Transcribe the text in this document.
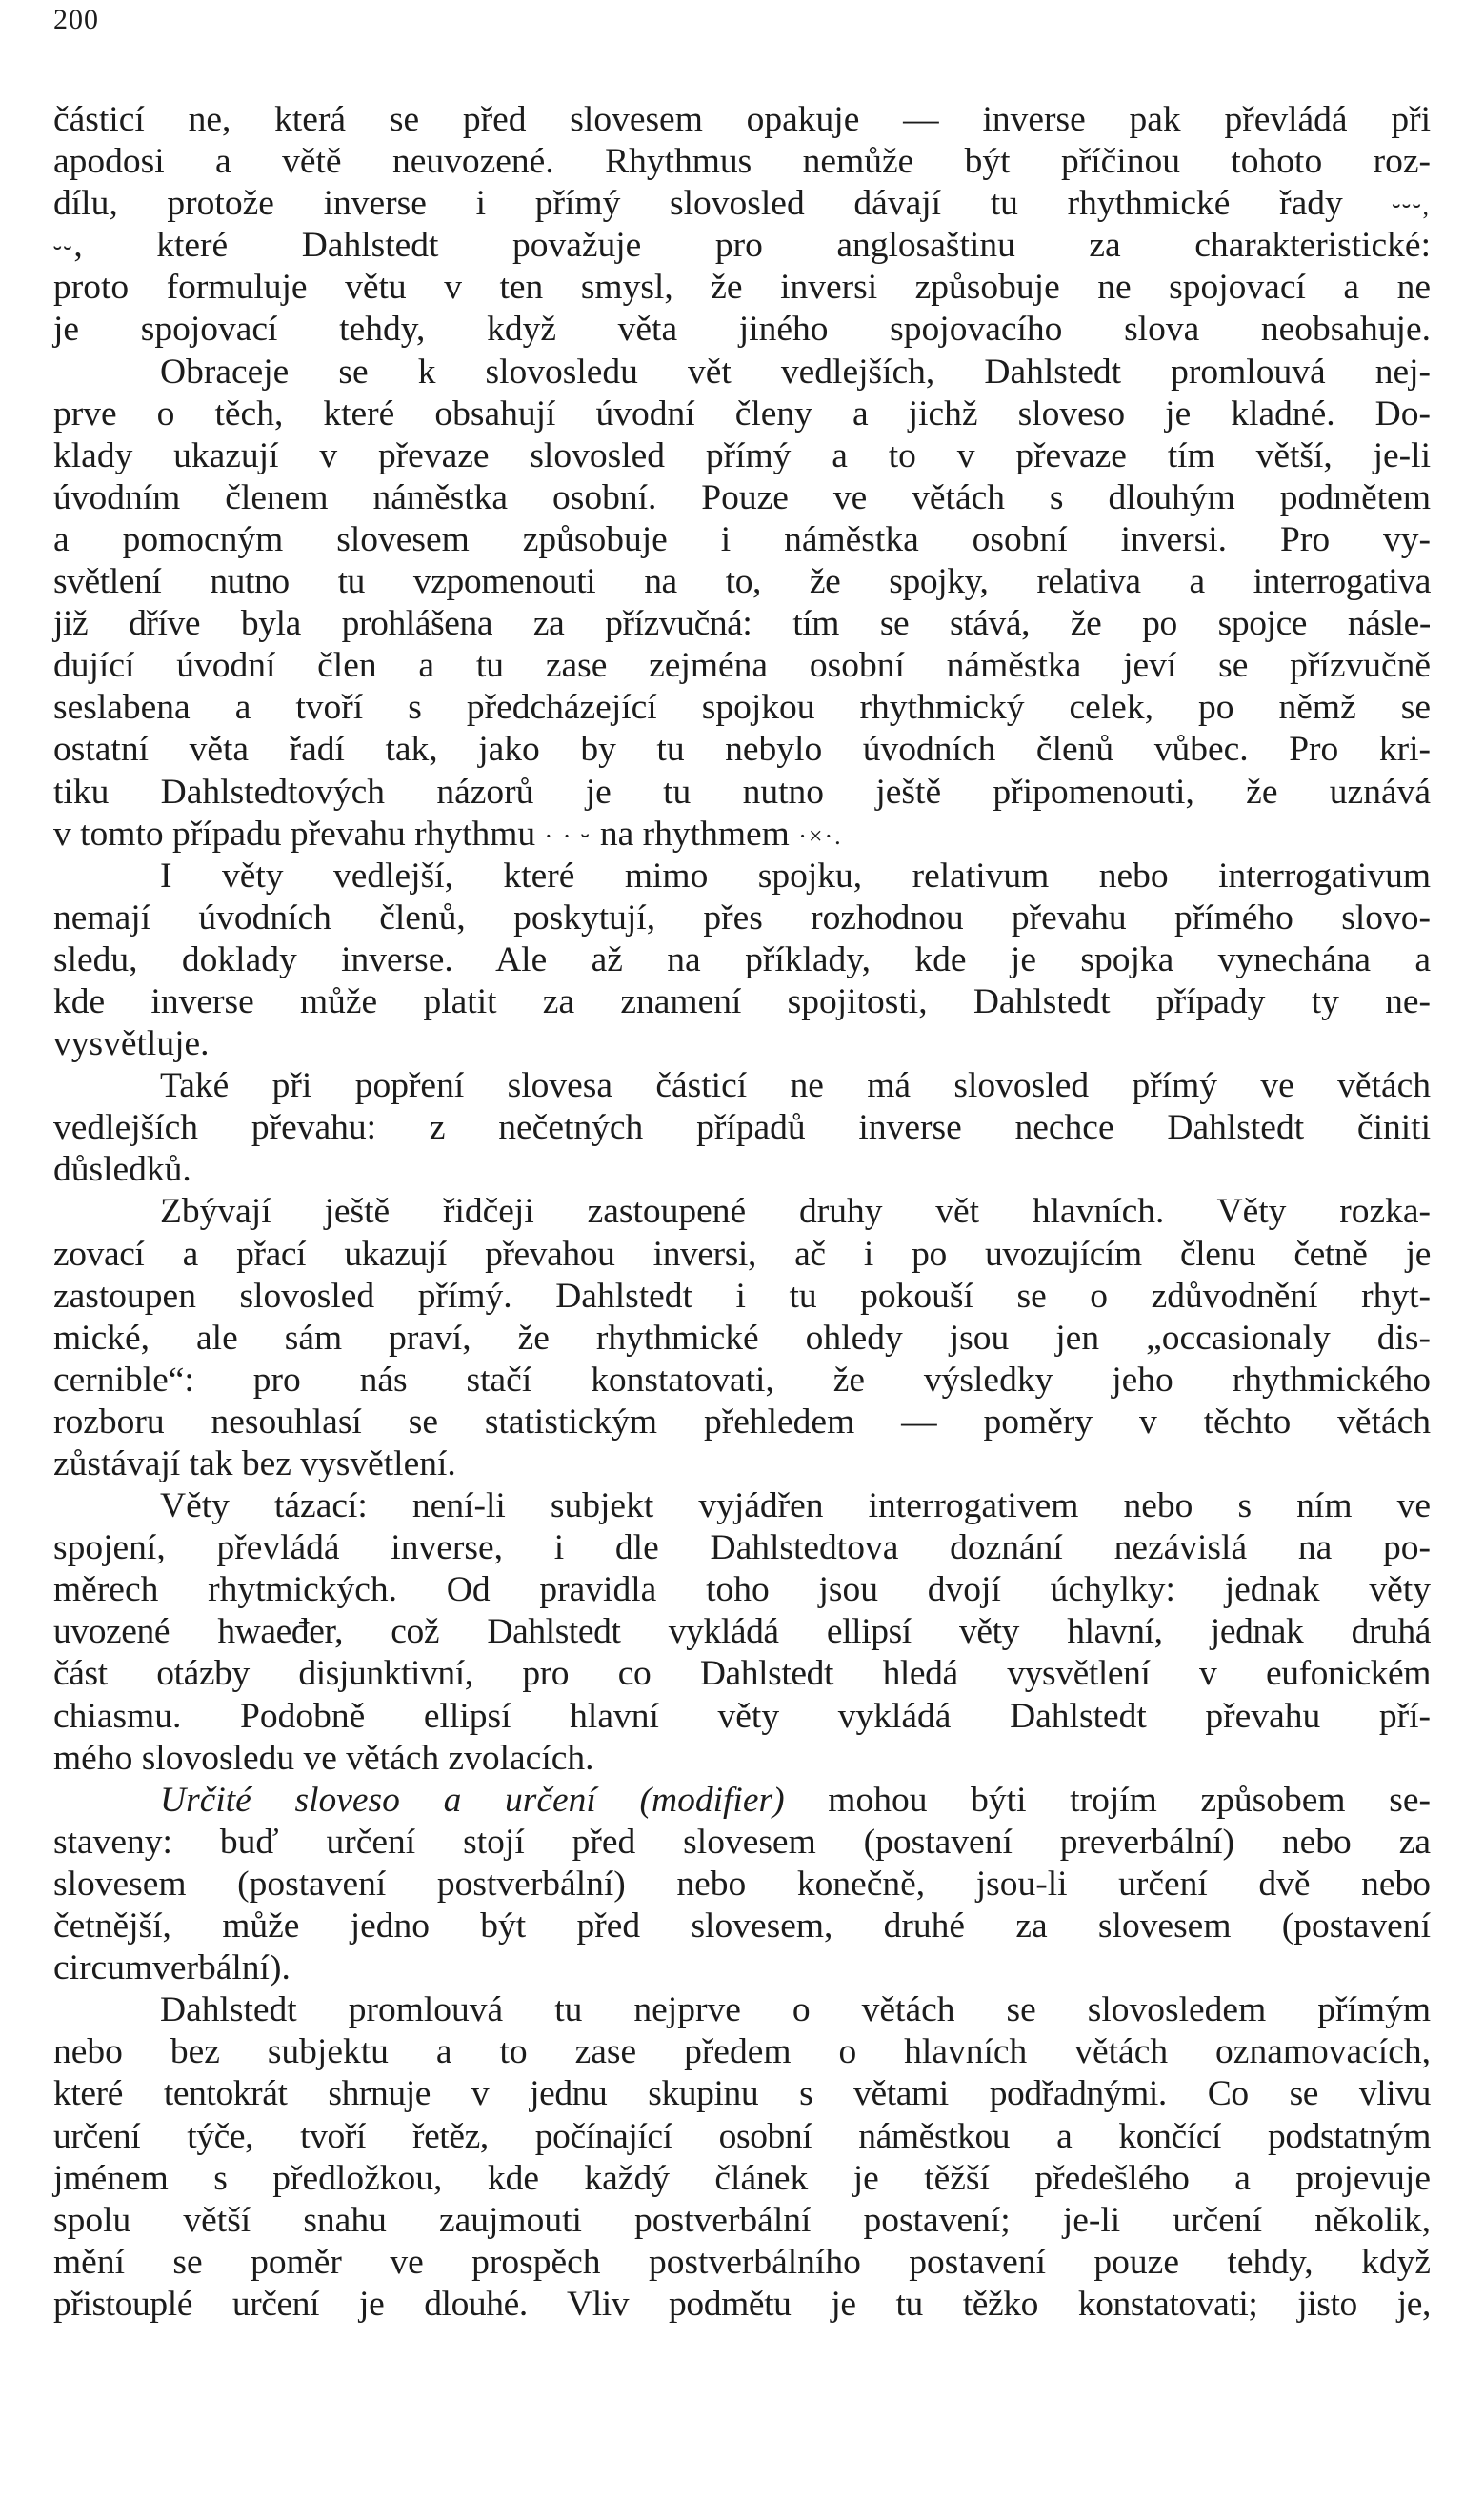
200
částicí ne, která se před slovesem opakuje — inverse pak převládá při
apodosi a větě neuvozené. Rhythmus nemůže být příčinou tohoto roz-
dílu, protože inverse i přímý slovosled dávají tu rhythmické řady ⏑⏑⏑,
⏑⏑, které Dahlstedt považuje pro anglosaštinu za charakteristické:
proto formuluje větu v ten smysl, že inversi způsobuje ne spojovací a ne
je spojovací tehdy, když věta jiného spojovacího slova neobsahuje.
Obraceje se k slovosledu vět vedlejších, Dahlstedt promlouvá nej-
prve o těch, které obsahují úvodní členy a jichž sloveso je kladné. Do-
klady ukazují v převaze slovosled přímý a to v převaze tím větší, je-li
úvodním členem náměstka osobní. Pouze ve větách s dlouhým podmětem
a pomocným slovesem způsobuje i náměstka osobní inversi. Pro vy-
světlení nutno tu vzpomenouti na to, že spojky, relativa a interrogativa
již dříve byla prohlášena za přízvučná: tím se stává, že po spojce násle-
dující úvodní člen a tu zase zejména osobní náměstka jeví se přízvučně
seslabena a tvoří s předcházející spojkou rhythmický celek, po němž se
ostatní věta řadí tak, jako by tu nebylo úvodních členů vůbec. Pro kri-
tiku Dahlstedtových názorů je tu nutno ještě připomenouti, že uznává
v tomto případu převahu rhythmu · · ⏑ na rhythmem ·×·.
I věty vedlejší, které mimo spojku, relativum nebo interrogativum
nemají úvodních členů, poskytují, přes rozhodnou převahu přímého slovo-
sledu, doklady inverse. Ale až na příklady, kde je spojka vynechána a
kde inverse může platit za znamení spojitosti, Dahlstedt případy ty ne-
vysvětluje.
Také při popření slovesa částicí ne má slovosled přímý ve větách
vedlejších převahu: z nečetných případů inverse nechce Dahlstedt činiti
důsledků.
Zbývají ještě řidčeji zastoupené druhy vět hlavních. Věty rozka-
zovací a přací ukazují převahou inversi, ač i po uvozujícím členu četně je
zastoupen slovosled přímý. Dahlstedt i tu pokouší se o zdůvodnění rhyt-
mické, ale sám praví, že rhythmické ohledy jsou jen „occasionaly dis-
cernible“: pro nás stačí konstatovati, že výsledky jeho rhythmického
rozboru nesouhlasí se statistickým přehledem — poměry v těchto větách
zůstávají tak bez vysvětlení.
Věty tázací: není-li subjekt vyjádřen interrogativem nebo s ním ve
spojení, převládá inverse, i dle Dahlstedtova doznání nezávislá na po-
měrech rhytmických. Od pravidla toho jsou dvojí úchylky: jednak věty
uvozené hwaeđer, což Dahlstedt vykládá ellipsí věty hlavní, jednak druhá
část otázby disjunktivní, pro co Dahlstedt hledá vysvětlení v eufonickém
chiasmu. Podobně ellipsí hlavní věty vykládá Dahlstedt převahu pří-
mého slovosledu ve větách zvolacích.
Určité sloveso a určení (modifier) mohou býti trojím způsobem se-
staveny: buď určení stojí před slovesem (postavení preverbální) nebo za
slovesem (postavení postverbální) nebo konečně, jsou-li určení dvě nebo
četnější, může jedno být před slovesem, druhé za slovesem (postavení
circumverbální).
Dahlstedt promlouvá tu nejprve o větách se slovosledem přímým
nebo bez subjektu a to zase předem o hlavních větách oznamovacích,
které tentokrát shrnuje v jednu skupinu s větami podřadnými. Co se vlivu
určení týče, tvoří řetěz, počínající osobní náměstkou a končící podstatným
jménem s předložkou, kde každý článek je těžší předešlého a projevuje
spolu větší snahu zaujmouti postverbální postavení; je-li určení několik,
mění se poměr ve prospěch postverbálního postavení pouze tehdy, když
přistouplé určení je dlouhé. Vliv podmětu je tu těžko konstatovati; jisto je,
